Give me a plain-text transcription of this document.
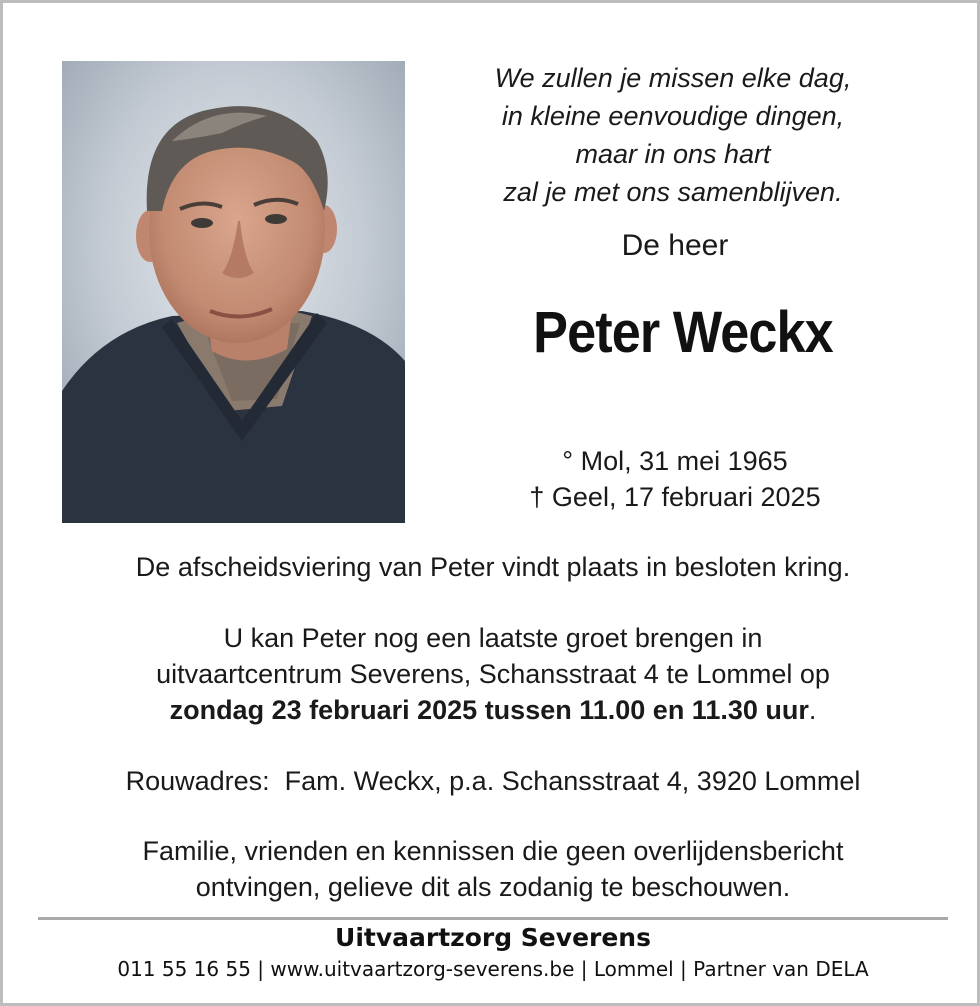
We zullen je missen elke dag,
in kleine eenvoudige dingen,
maar in ons hart
zal je met ons samenblijven.
De heer
Peter Weckx
° Mol, 31 mei 1965
† Geel, 17 februari 2025
De afscheidsviering van Peter vindt plaats in besloten kring.
U kan Peter nog een laatste groet brengen in
uitvaartcentrum Severens, Schansstraat 4 te Lommel op
zondag 23 februari 2025 tussen 11.00 en 11.30 uur.
Rouwadres:  Fam. Weckx, p.a. Schansstraat 4, 3920 Lommel
Familie, vrienden en kennissen die geen overlijdensbericht
ontvingen, gelieve dit als zodanig te beschouwen.
Uitvaartzorg Severens
011 55 16 55 | www.uitvaartzorg-severens.be | Lommel | Partner van DELA
